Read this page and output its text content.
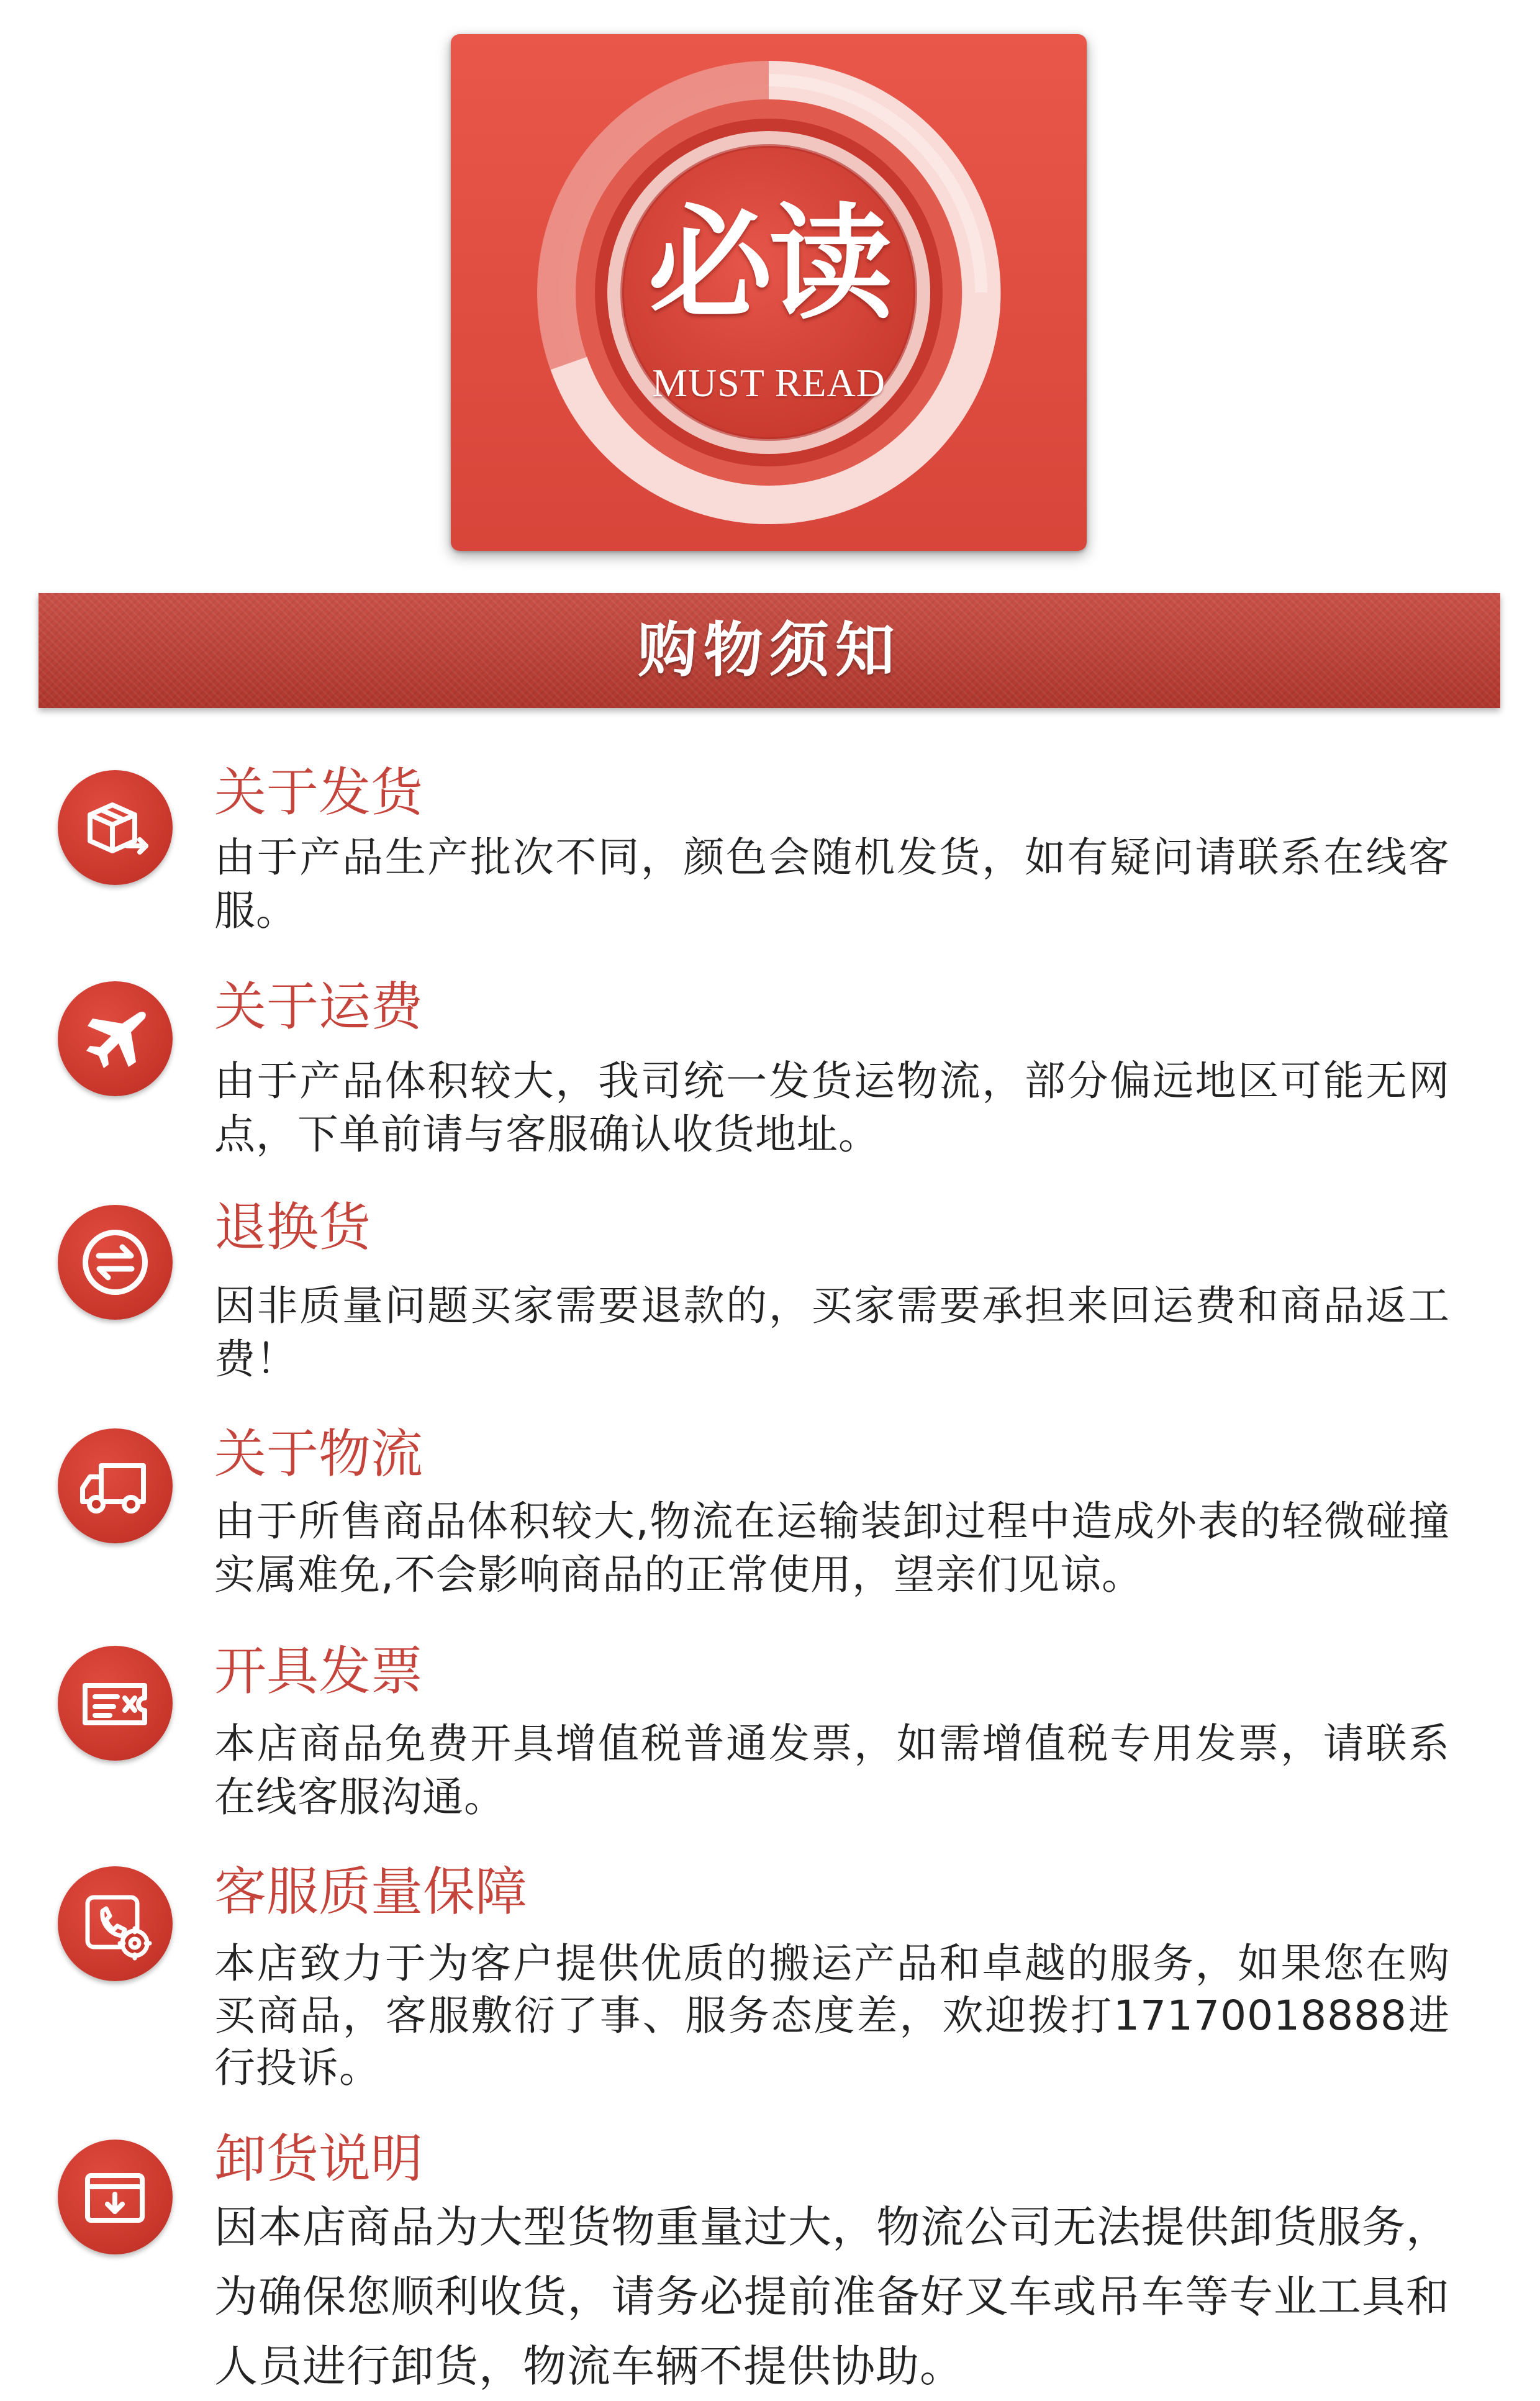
必读
MUST READ
购物须知
关于发货
由于产品生产批次不同，颜色会随机发货，如有疑问请联系在线客服。
关于运费
由于产品体积较大，我司统一发货运物流，部分偏远地区可能无网点，下单前请与客服确认收货地址。
退换货
因非质量问题买家需要退款的，买家需要承担来回运费和商品返工费！
关于物流
由于所售商品体积较大,物流在运输装卸过程中造成外表的轻微碰撞实属难免,不会影响商品的正常使用，望亲们见谅。
开具发票
本店商品免费开具增值税普通发票，如需增值税专用发票，请联系在线客服沟通。
客服质量保障
本店致力于为客户提供优质的搬运产品和卓越的服务，如果您在购买商品，客服敷衍了事、服务态度差，欢迎拨打17170018888进行投诉。
卸货说明
因本店商品为大型货物重量过大，物流公司无法提供卸货服务，为确保您顺利收货，请务必提前准备好叉车或吊车等专业工具和人员进行卸货，物流车辆不提供协助。
